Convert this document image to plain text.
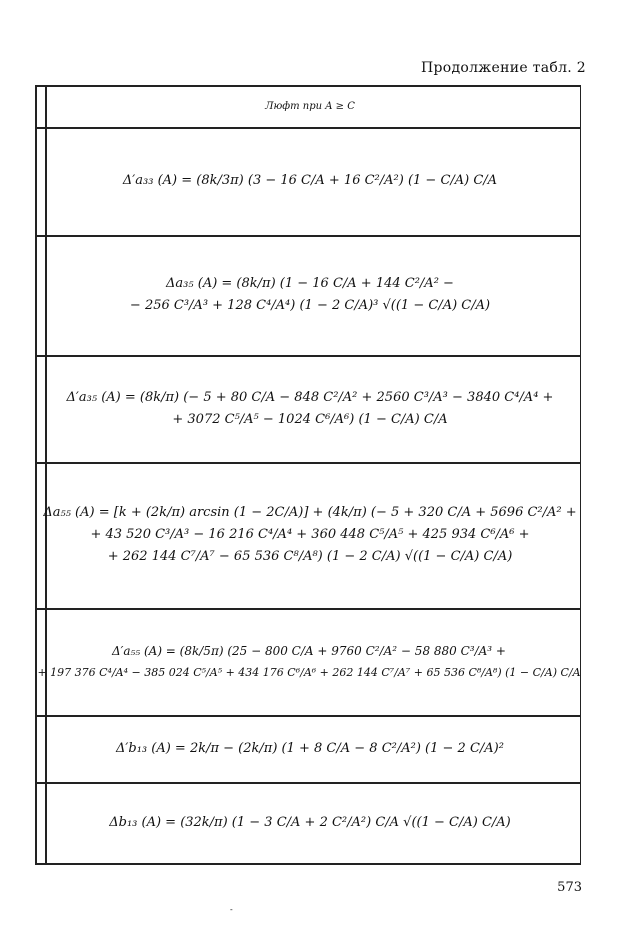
Продолжение табл. 2
Люфт при A ≥ C
Δ′a₃₃ (A) = (8k/3π) (3 − 16 C/A + 16 C²/A²) (1 − C/A) C/A
Δa₃₅ (A) = (8k/π) (1 − 16 C/A + 144 C²/A² −
− 256 C³/A³ + 128 C⁴/A⁴) (1 − 2 C/A)³ √((1 − C/A) C/A)
Δ′a₃₅ (A) = (8k/π) (− 5 + 80 C/A − 848 C²/A² + 2560 C³/A³ − 3840 C⁴/A⁴ +
+ 3072 C⁵/A⁵ − 1024 C⁶/A⁶) (1 − C/A) C/A
Δa₅₅ (A) = [k + (2k/π) arcsin (1 − 2C/A)] + (4k/π) (− 5 + 320 C/A + 5696 C²/A² +
+ 43 520 C³/A³ − 16 216 C⁴/A⁴ + 360 448 C⁵/A⁵ + 425 934 C⁶/A⁶ +
+ 262 144 C⁷/A⁷ − 65 536 C⁸/A⁸) (1 − 2 C/A) √((1 − C/A) C/A)
Δ′a₅₅ (A) = (8k/5π) (25 − 800 C/A + 9760 C²/A² − 58 880 C³/A³ +
+ 197 376 C⁴/A⁴ − 385 024 C⁵/A⁵ + 434 176 C⁶/A⁶ + 262 144 C⁷/A⁷ + 65 536 C⁸/A⁸) (1 − C/A) C/A
Δ′b₁₃ (A) = 2k/π − (2k/π) (1 + 8 C/A − 8 C²/A²) (1 − 2 C/A)²
Δb₁₃ (A) = (32k/π) (1 − 3 C/A + 2 C²/A²) C/A √((1 − C/A) C/A)
573
-
